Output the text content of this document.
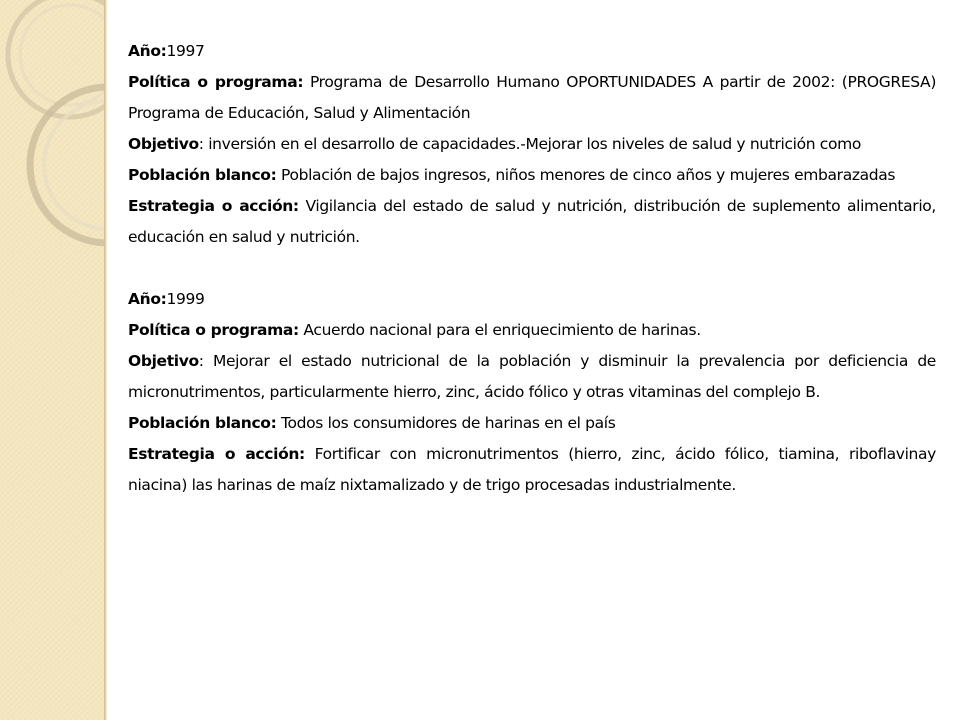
Año:1997

Política o programa: Programa de Desarrollo Humano OPORTUNIDADES A partir de 2002: (PROGRESA) Programa de Educación, Salud y Alimentación

Objetivo: inversión en el desarrollo de capacidades.-Mejorar los niveles de salud y nutrición como

Población blanco: Población de bajos ingresos, niños menores de cinco años y mujeres embarazadas

Estrategia o acción: Vigilancia del estado de salud y nutrición, distribución de suplemento alimentario, educación en salud y nutrición.

Año:1999

Política o programa: Acuerdo nacional para el enriquecimiento de harinas.

Objetivo: Mejorar el estado nutricional de la población y disminuir la prevalencia por deficiencia de micronutrimentos, particularmente hierro, zinc, ácido fólico y otras vitaminas del complejo B.

Población blanco: Todos los consumidores de harinas en el país

Estrategia o acción: Fortificar con micronutrimentos (hierro, zinc, ácido fólico, tiamina, riboflavinay niacina) las harinas de maíz nixtamalizado y de trigo procesadas industrialmente.
